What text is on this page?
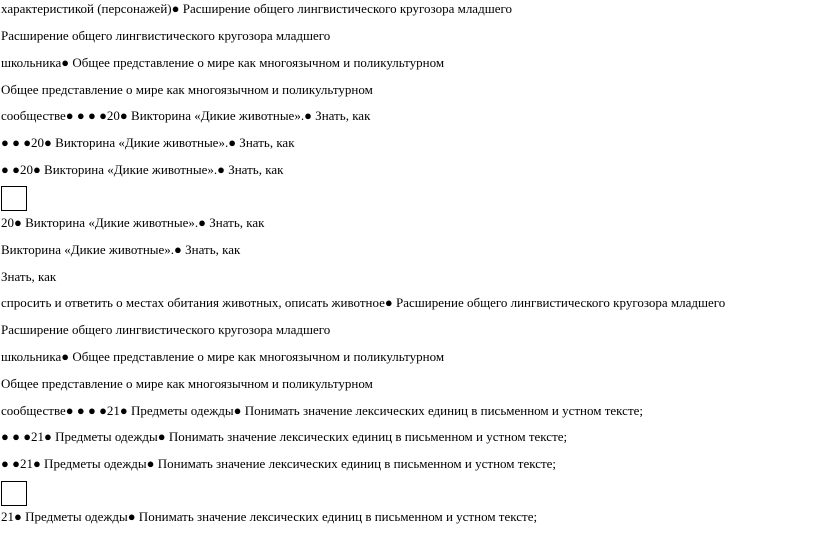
характеристикой (персонажей)● Расширение общего лингвистического кругозора младшего
Расширение общего лингвистического кругозора младшего
школьника● Общее представление о мире как многоязычном и поликультурном
Общее представление о мире как многоязычном и поликультурном
сообществе● ● ● ●20● Викторина «Дикие животные».● Знать, как
● ● ●20● Викторина «Дикие животные».● Знать, как
● ●20● Викторина «Дикие животные».● Знать, как
20● Викторина «Дикие животные».● Знать, как
Викторина «Дикие животные».● Знать, как
Знать, как
спросить и ответить о местах обитания животных, описать животное● Расширение общего лингвистического кругозора младшего
Расширение общего лингвистического кругозора младшего
школьника● Общее представление о мире как многоязычном и поликультурном
Общее представление о мире как многоязычном и поликультурном
сообществе● ● ● ●21● Предметы одежды● Понимать значение лексических единиц в письменном и устном тексте;
● ● ●21● Предметы одежды● Понимать значение лексических единиц в письменном и устном тексте;
● ●21● Предметы одежды● Понимать значение лексических единиц в письменном и устном тексте;
21● Предметы одежды● Понимать значение лексических единиц в письменном и устном тексте;
